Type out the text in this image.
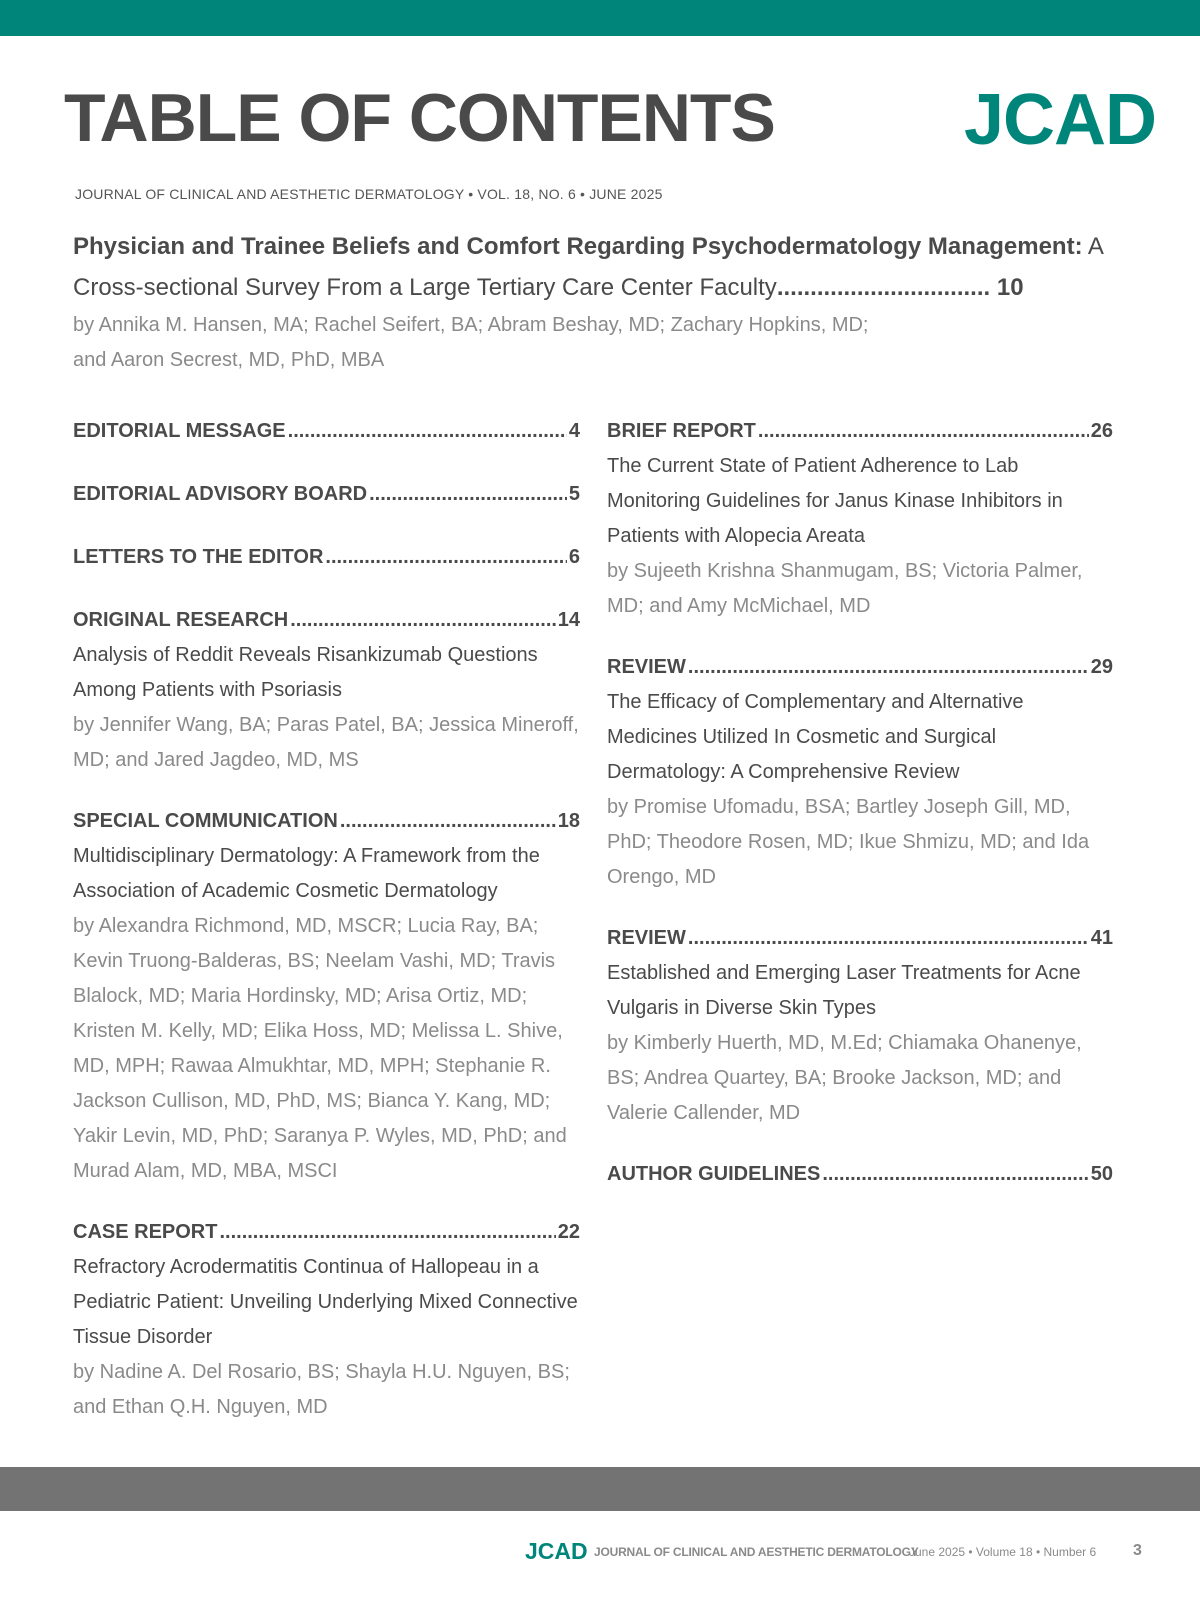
TABLE OF CONTENTS	JCAD
JOURNAL OF CLINICAL AND AESTHETIC DERMATOLOGY • VOL. 18, NO. 6 • JUNE 2025
Physician and Trainee Beliefs and Comfort Regarding Psychodermatology Management: A Cross-sectional Survey From a Large Tertiary Care Center Faculty................................ 10
by Annika M. Hansen, MA; Rachel Seifert, BA; Abram Beshay, MD; Zachary Hopkins, MD;
and Aaron Secrest, MD, PhD, MBA
EDITORIAL MESSAGE .....	4
EDITORIAL ADVISORY BOARD .....	5
LETTERS TO THE EDITOR .....	6
ORIGINAL RESEARCH .....	14
Analysis of Reddit Reveals Risankizumab Questions Among Patients with Psoriasis
by Jennifer Wang, BA; Paras Patel, BA; Jessica Mineroff, MD; and Jared Jagdeo, MD, MS
SPECIAL COMMUNICATION .....	18
Multidisciplinary Dermatology: A Framework from the Association of Academic Cosmetic Dermatology
by Alexandra Richmond, MD, MSCR; Lucia Ray, BA; Kevin Truong-Balderas, BS; Neelam Vashi, MD; Travis Blalock, MD; Maria Hordinsky, MD; Arisa Ortiz, MD; Kristen M. Kelly, MD; Elika Hoss, MD; Melissa L. Shive, MD, MPH; Rawaa Almukhtar, MD, MPH; Stephanie R. Jackson Cullison, MD, PhD, MS; Bianca Y. Kang, MD; Yakir Levin, MD, PhD; Saranya P. Wyles, MD, PhD; and Murad Alam, MD, MBA, MSCI
CASE REPORT .....	22
Refractory Acrodermatitis Continua of Hallopeau in a Pediatric Patient: Unveiling Underlying Mixed Connective Tissue Disorder
by Nadine A. Del Rosario, BS; Shayla H.U. Nguyen, BS; and Ethan Q.H. Nguyen, MD
BRIEF REPORT .....	26
The Current State of Patient Adherence to Lab Monitoring Guidelines for Janus Kinase Inhibitors in Patients with Alopecia Areata
by Sujeeth Krishna Shanmugam, BS; Victoria Palmer, MD; and Amy McMichael, MD
REVIEW .....	29
The Efficacy of Complementary and Alternative Medicines Utilized In Cosmetic and Surgical Dermatology: A Comprehensive Review
by Promise Ufomadu, BSA; Bartley Joseph Gill, MD, PhD; Theodore Rosen, MD; Ikue Shmizu, MD; and Ida Orengo, MD
REVIEW .....	41
Established and Emerging Laser Treatments for Acne Vulgaris in Diverse Skin Types
by Kimberly Huerth, MD, M.Ed; Chiamaka Ohanenye, BS; Andrea Quartey, BA; Brooke Jackson, MD; and Valerie Callender, MD
AUTHOR GUIDELINES .....	50
JCAD JOURNAL OF CLINICAL AND AESTHETIC DERMATOLOGY
June 2025 • Volume 18 • Number 6 3
